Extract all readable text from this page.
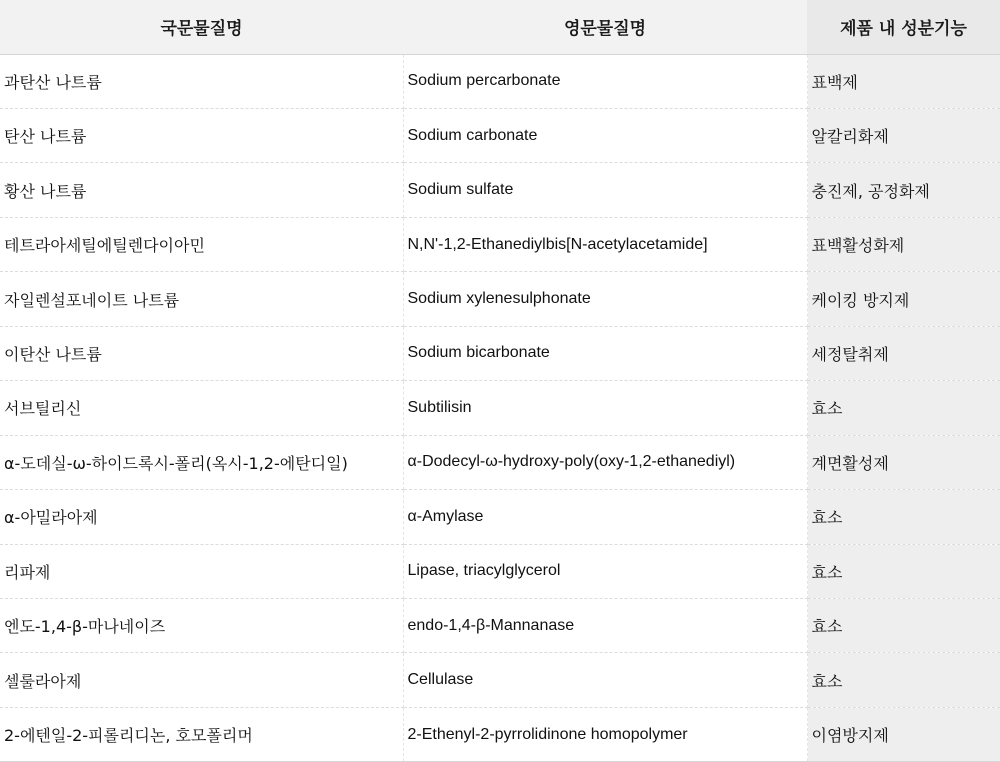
국문물질명	영문물질명	제품 내 성분기능
과탄산 나트륨	Sodium percarbonate	표백제
탄산 나트륨	Sodium carbonate	알칼리화제
황산 나트륨	Sodium sulfate	충진제, 공정화제
테트라아세틸에틸렌다이아민	N,N'-1,2-Ethanediylbis[N-acetylacetamide]	표백활성화제
자일렌설포네이트 나트륨	Sodium xylenesulphonate	케이킹 방지제
이탄산 나트륨	Sodium bicarbonate	세정탈취제
서브틸리신	Subtilisin	효소
α-도데실-ω-하이드록시-폴리(옥시-1,2-에탄디일)	α-Dodecyl-ω-hydroxy-poly(oxy-1,2-ethanediyl)	계면활성제
α-아밀라아제	α-Amylase	효소
리파제	Lipase, triacylglycerol	효소
엔도-1,4-β-마나네이즈	endo-1,4-β-Mannanase	효소
셀룰라아제	Cellulase	효소
2-에텐일-2-피롤리디논, 호모폴리머	2-Ethenyl-2-pyrrolidinone homopolymer	이염방지제
